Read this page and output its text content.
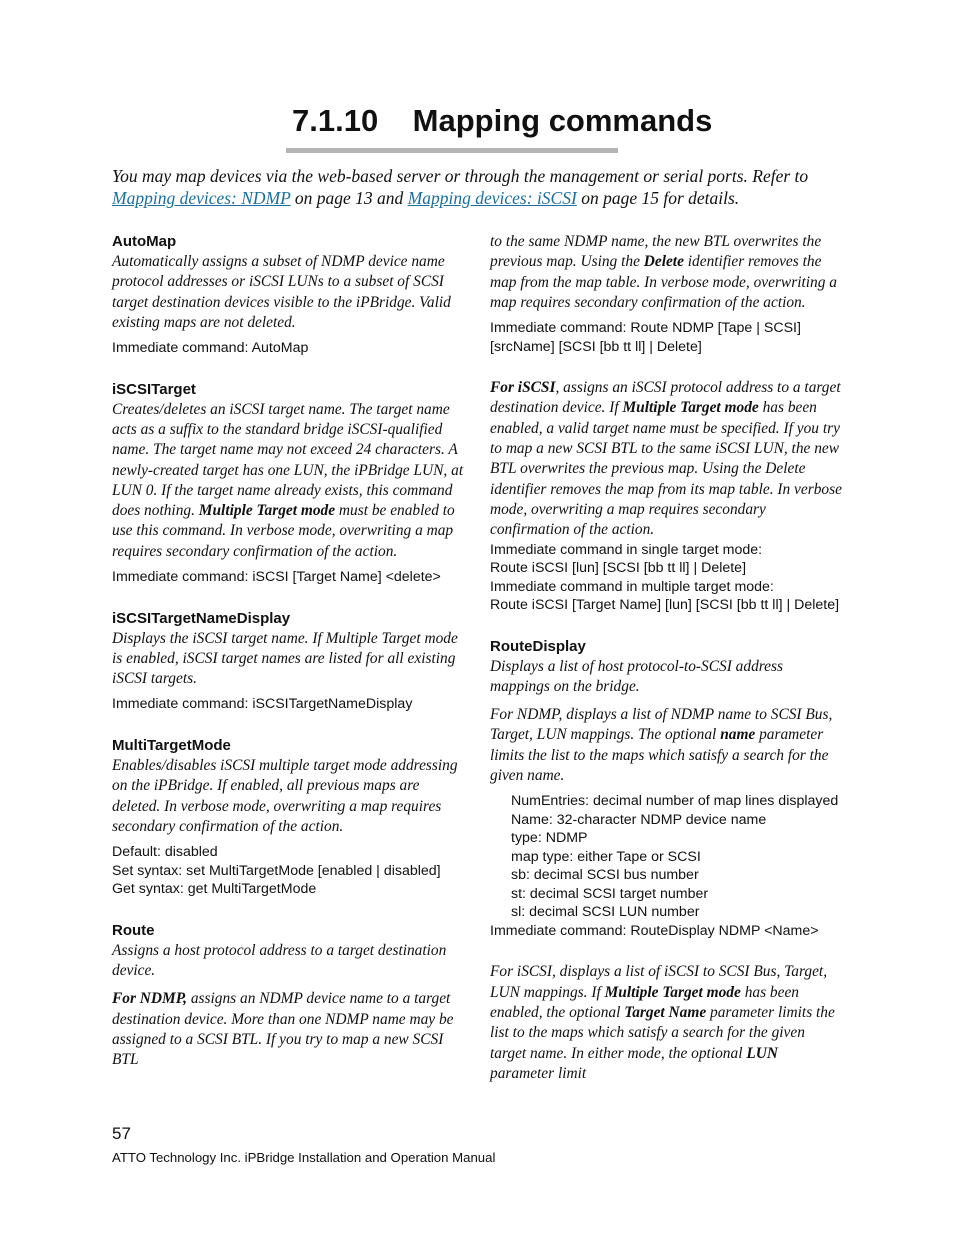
7.1.10 Mapping commands

You may map devices via the web-based server or through the management or serial ports. Refer to
Mapping devices: NDMP on page 13 and Mapping devices: iSCSI on page 15 for details.

AutoMap

Automatically assigns a subset of NDMP device name protocol addresses or iSCSI LUNs to a subset of SCSI target destination devices visible to the iPBridge. Valid existing maps are not deleted.

Immediate command: AutoMap

iSCSITarget

Creates/deletes an iSCSI target name. The target name acts as a suffix to the standard bridge iSCSI-qualified name. The target name may not exceed 24 characters. A newly-created target has one LUN, the iPBridge LUN, at LUN 0. If the target name already exists, this command does nothing. Multiple Target mode must be enabled to use this command. In verbose mode, overwriting a map requires secondary confirmation of the action.

Immediate command: iSCSI [Target Name] <delete>

iSCSITargetNameDisplay

Displays the iSCSI target name. If Multiple Target mode is enabled, iSCSI target names are listed for all existing iSCSI targets.

Immediate command: iSCSITargetNameDisplay

MultiTargetMode

Enables/disables iSCSI multiple target mode addressing on the iPBridge. If enabled, all previous maps are deleted. In verbose mode, overwriting a map requires secondary confirmation of the action.

Default: disabled

Set syntax: set MultiTargetMode [enabled | disabled]

Get syntax: get MultiTargetMode

Route

Assigns a host protocol address to a target destination device.

For NDMP, assigns an NDMP device name to a target destination device. More than one NDMP name may be assigned to a SCSI BTL. If you try to map a new SCSI BTL

to the same NDMP name, the new BTL overwrites the previous map. Using the Delete identifier removes the map from the map table. In verbose mode, overwriting a map requires secondary confirmation of the action.

Immediate command: Route NDMP [Tape | SCSI]

[srcName] [SCSI [bb tt ll] | Delete]

For iSCSI, assigns an iSCSI protocol address to a target destination device. If Multiple Target mode has been enabled, a valid target name must be specified. If you try to map a new SCSI BTL to the same iSCSI LUN, the new BTL overwrites the previous map. Using the Delete identifier removes the map from its map table. In verbose mode, overwriting a map requires secondary confirmation of the action.

Immediate command in single target mode:

Route iSCSI [lun] [SCSI [bb tt ll] | Delete]

Immediate command in multiple target mode:

Route iSCSI [Target Name] [lun] [SCSI [bb tt ll] | Delete]

RouteDisplay

Displays a list of host protocol-to-SCSI address mappings on the bridge.

For NDMP, displays a list of NDMP name to SCSI Bus, Target, LUN mappings. The optional name parameter limits the list to the maps which satisfy a search for the given name.

NumEntries: decimal number of map lines displayed

Name: 32-character NDMP device name

type: NDMP

map type: either Tape or SCSI

sb: decimal SCSI bus number

st: decimal SCSI target number

sl: decimal SCSI LUN number

Immediate command: RouteDisplay NDMP <Name>

For iSCSI, displays a list of iSCSI to SCSI Bus, Target, LUN mappings. If Multiple Target mode has been enabled, the optional Target Name parameter limits the list to the maps which satisfy a search for the given target name. In either mode, the optional LUN parameter limit

57
ATTO Technology Inc. iPBridge Installation and Operation Manual
